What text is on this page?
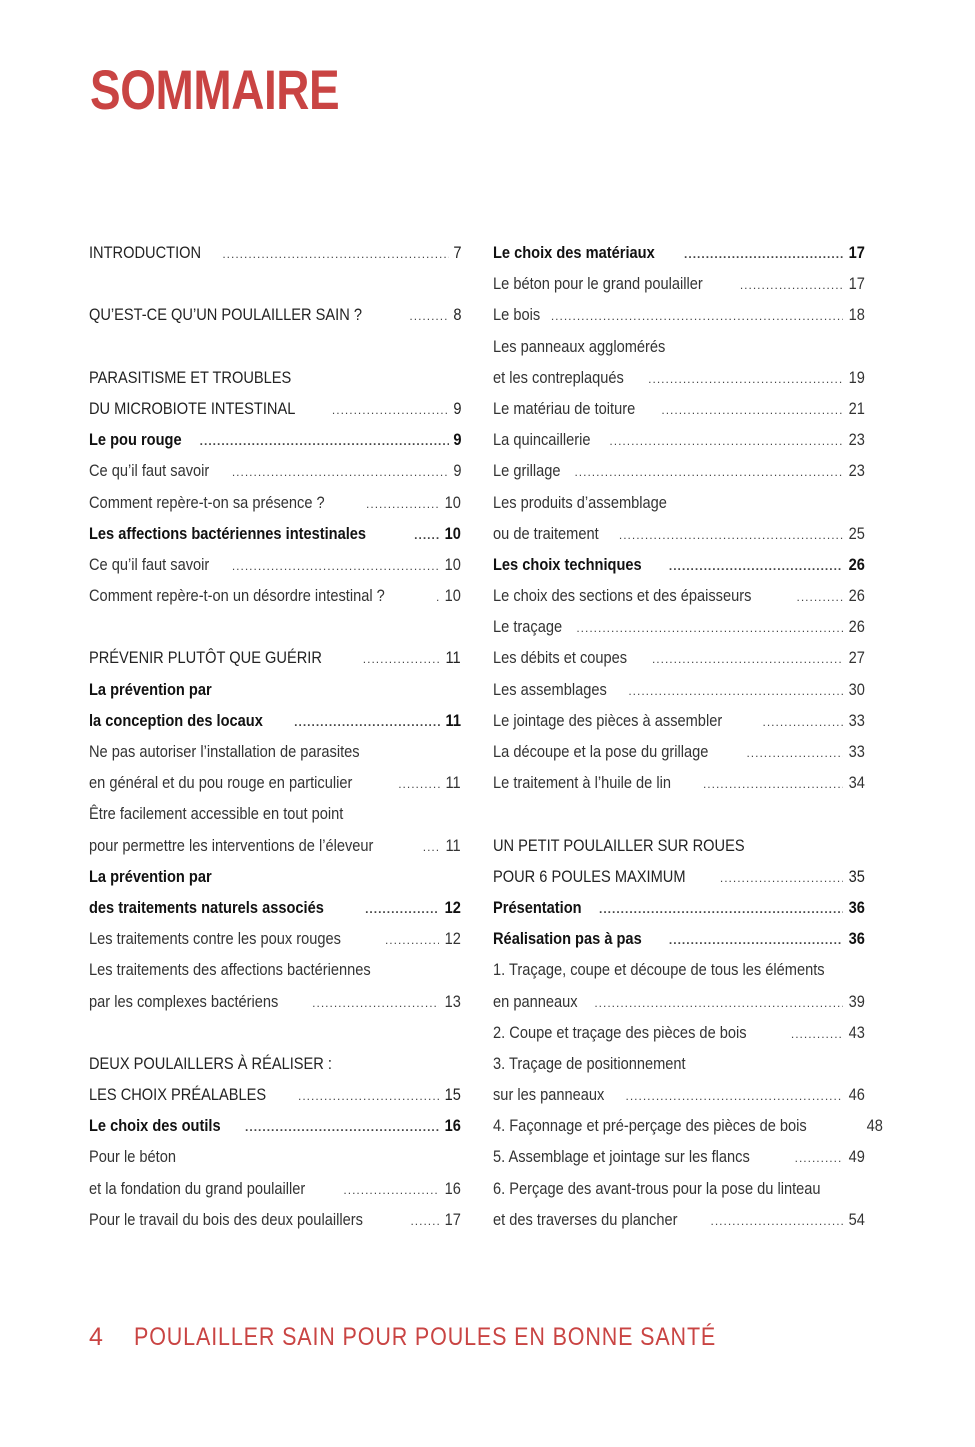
SOMMAIRE
INTRODUCTION .....	7
QU’EST-CE QU’UN POULAILLER SAIN ? .....	8
PARASITISME ET TROUBLES
DU MICROBIOTE INTESTINAL .....	9
Le pou rouge .....	9
Ce qu’il faut savoir .....	9
Comment repère-t-on sa présence ? .....	10
Les affections bactériennes intestinales .....	10
Ce qu’il faut savoir .....	10
Comment repère-t-on un désordre intestinal ? .....	10
PRÉVENIR PLUTÔT QUE GUÉRIR .....	11
La prévention par
la conception des locaux .....	11
Ne pas autoriser l’installation de parasites
en général et du pou rouge en particulier .....	11
Être facilement accessible en tout point
pour permettre les interventions de l’éleveur .....	11
La prévention par
des traitements naturels associés .....	12
Les traitements contre les poux rouges .....	12
Les traitements des affections bactériennes
par les complexes bactériens .....	13
DEUX POULAILLERS À RÉALISER :
LES CHOIX PRÉALABLES .....	15
Le choix des outils .....	16
Pour le béton
et la fondation du grand poulailler .....	16
Pour le travail du bois des deux poulaillers .....	17
Le choix des matériaux .....	17
Le béton pour le grand poulailler .....	17
Le bois .....	18
Les panneaux agglomérés
et les contreplaqués .....	19
Le matériau de toiture .....	21
La quincaillerie .....	23
Le grillage .....	23
Les produits d’assemblage
ou de traitement .....	25
Les choix techniques .....	26
Le choix des sections et des épaisseurs .....	26
Le traçage .....	26
Les débits et coupes .....	27
Les assemblages .....	30
Le jointage des pièces à assembler .....	33
La découpe et la pose du grillage .....	33
Le traitement à l’huile de lin .....	34
UN PETIT POULAILLER SUR ROUES
POUR 6 POULES MAXIMUM .....	35
Présentation .....	36
Réalisation pas à pas .....	36
1. Traçage, coupe et découpe de tous les éléments
en panneaux .....	39
2. Coupe et traçage des pièces de bois .....	43
3. Traçage de positionnement
sur les panneaux .....	46
4. Façonnage et pré-perçage des pièces de bois	48
5. Assemblage et jointage sur les flancs .....	49
6. Perçage des avant-trous pour la pose du linteau
et des traverses du plancher .....	54
4 POULAILLER SAIN POUR POULES EN BONNE SANTÉ
